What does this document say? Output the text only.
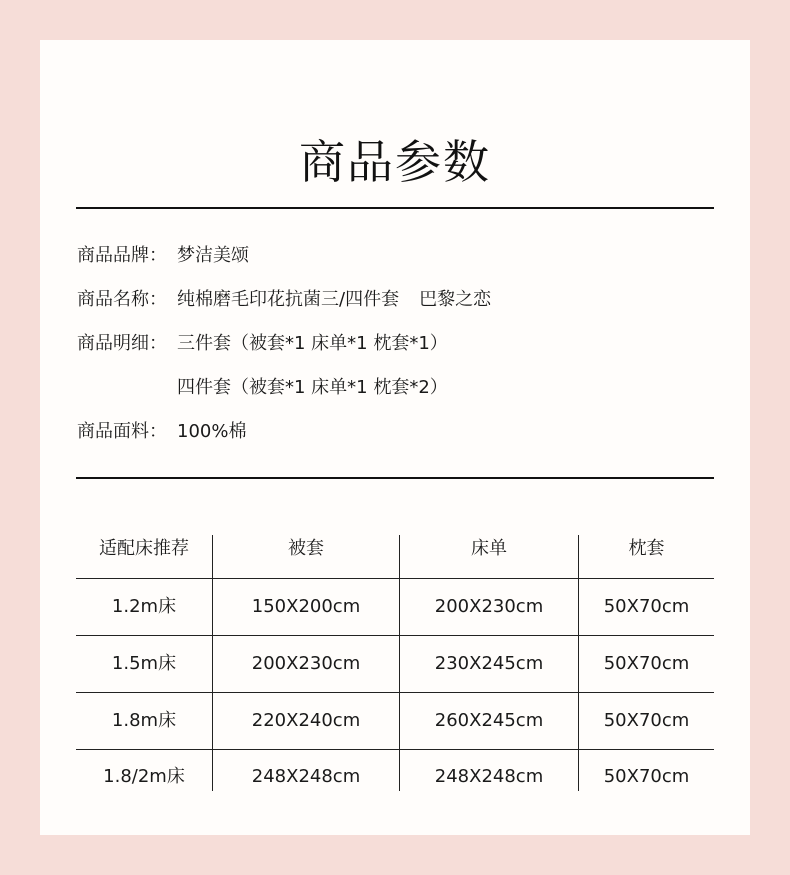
商品参数
商品品牌： 梦洁美颂
商品名称： 纯棉磨毛印花抗菌三/四件套 巴黎之恋
商品明细： 三件套（被套*1 床单*1 枕套*1）
四件套（被套*1 床单*1 枕套*2）
商品面料： 100%棉
适配床推荐	被套	床单	枕套
1.2m床	150X200cm	200X230cm	50X70cm
1.5m床	200X230cm	230X245cm	50X70cm
1.8m床	220X240cm	260X245cm	50X70cm
1.8/2m床	248X248cm	248X248cm	50X70cm
